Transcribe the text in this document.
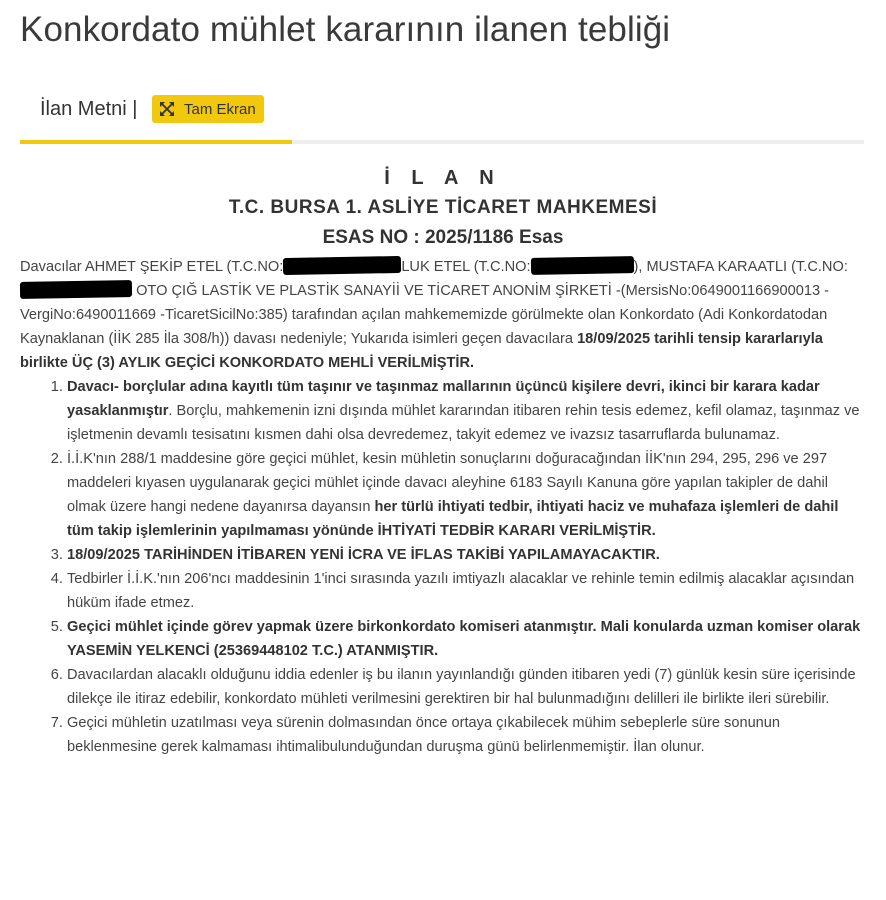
Konkordato mühlet kararının ilanen tebliği
İlan Metni |	Tam Ekran

İ L A N

T.C. BURSA 1. ASLİYE TİCARET MAHKEMESİ

ESAS NO : 2025/1186 Esas

Davacılar AHMET ŞEKİP ETEL (T.C.NO:	LUK ETEL (T.C.NO:	), MUSTAFA KARAATLI (T.C.NO:  OTO ÇIĞ LASTİK VE PLASTİK SANAYİİ VE TİCARET ANONİM ŞİRKETİ -(MersisNo:0649001166900013 - VergiNo:6490011669 -TicaretSicilNo:385) tarafından açılan mahkememizde görülmekte olan Konkordato (Adi Konkordatodan Kaynaklanan (İİK 285 İla 308/h)) davası nedeniyle; Yukarıda isimleri geçen davacılara 18/09/2025 tarihli tensip kararlarıyla birlikte ÜÇ (3) AYLIK GEÇİCİ KONKORDATO MEHLİ VERİLMİŞTİR.

1. Davacı- borçlular adına kayıtlı tüm taşınır ve taşınmaz mallarının üçüncü kişilere devri, ikinci bir karara kadar yasaklanmıştır. Borçlu, mahkemenin izni dışında mühlet kararından itibaren rehin tesis edemez, kefil olamaz, taşınmaz ve işletmenin devamlı tesisatını kısmen dahi olsa devredemez, takyit edemez ve ivazsız tasarruflarda bulunamaz.
2. İ.İ.K'nın 288/1 maddesine göre geçici mühlet, kesin mühletin sonuçlarını doğuracağından İİK'nın 294, 295, 296 ve 297 maddeleri kıyasen uygulanarak geçici mühlet içinde davacı aleyhine 6183 Sayılı Kanuna göre yapılan takipler de dahil olmak üzere hangi nedene dayanırsa dayansın her türlü ihtiyati tedbir, ihtiyati haciz ve muhafaza işlemleri de dahil tüm takip işlemlerinin yapılmaması yönünde İHTİYATİ TEDBİR KARARI VERİLMİŞTİR.
3. 18/09/2025 TARİHİNDEN İTİBAREN YENİ İCRA VE İFLAS TAKİBİ YAPILAMAYACAKTIR.
4. Tedbirler İ.İ.K.'nın 206'ncı maddesinin 1'inci sırasında yazılı imtiyazlı alacaklar ve rehinle temin edilmiş alacaklar açısından hüküm ifade etmez.
5. Geçici mühlet içinde görev yapmak üzere birkonkordato komiseri atanmıştır. Mali konularda uzman komiser olarak YASEMİN YELKENCİ (25369448102 T.C.) ATANMIŞTIR.
6. Davacılardan alacaklı olduğunu iddia edenler iş bu ilanın yayınlandığı günden itibaren yedi (7) günlük kesin süre içerisinde dilekçe ile itiraz edebilir, konkordato mühleti verilmesini gerektiren bir hal bulunmadığını delilleri ile birlikte ileri sürebilir.
7. Geçici mühletin uzatılması veya sürenin dolmasından önce ortaya çıkabilecek mühim sebeplerle süre sonunun beklenmesine gerek kalmaması ihtimalibulunduğundan duruşma günü belirlenmemiştir. İlan olunur.
